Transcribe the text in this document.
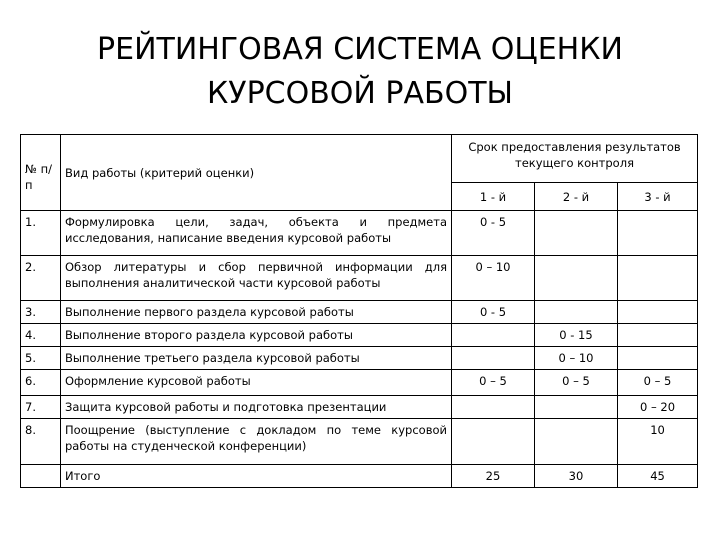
РЕЙТИНГОВАЯ СИСТЕМА ОЦЕНКИ
КУРСОВОЙ РАБОТЫ
№ п/п	Вид работы (критерий оценки)	Срок предоставления результатов текущего контроля		
		1 - й	2 - й	3 - й
1.	Формулировка цели, задач, объекта и предмета исследования, написание введения курсовой работы	0 - 5		
2.	Обзор литературы и сбор первичной информации для выполнения аналитической части курсовой работы	0 – 10		
3.	Выполнение первого раздела курсовой работы	0 - 5		
4.	Выполнение второго раздела курсовой работы		0 - 15	
5.	Выполнение третьего раздела курсовой работы		0 – 10	
6.	Оформление курсовой работы	0 – 5	0 – 5	0 – 5
7.	Защита курсовой работы и подготовка презентации			0 – 20
8.	Поощрение (выступление с докладом по теме курсовой работы на студенческой конференции)			10
	Итого	25	30	45
